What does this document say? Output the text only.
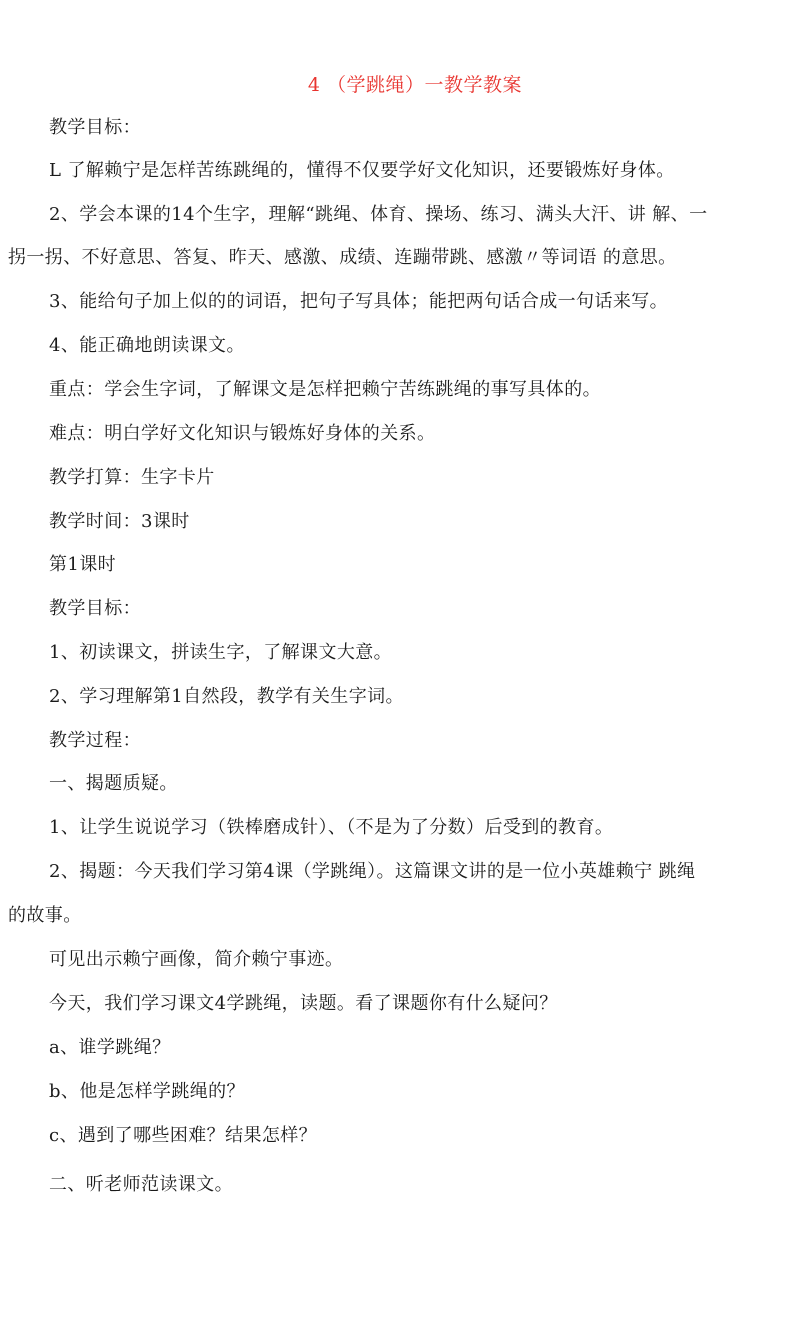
4 （学跳绳）一教学教案
教学目标：
L 了解赖宁是怎样苦练跳绳的，懂得不仅要学好文化知识，还要锻炼好身体。
2、学会本课的14个生字，理解“跳绳、体育、操场、练习、满头大汗、讲 解、一
拐一拐、不好意思、答复、昨天、感激、成绩、连蹦带跳、感激〃等词语 的意思。
3、能给句子加上似的的词语，把句子写具体；能把两句话合成一句话来写。
4、能正确地朗读课文。
重点：学会生字词，了解课文是怎样把赖宁苦练跳绳的事写具体的。
难点：明白学好文化知识与锻炼好身体的关系。
教学打算：生字卡片
教学时间：3课时
第1课时
教学目标：
1、初读课文，拼读生字，了解课文大意。
2、学习理解第1自然段，教学有关生字词。
教学过程：
一、揭题质疑。
1、让学生说说学习（铁棒磨成针）、（不是为了分数）后受到的教育。
2、揭题：今天我们学习第4课（学跳绳）。这篇课文讲的是一位小英雄赖宁 跳绳
的故事。
可见出示赖宁画像，简介赖宁事迹。
今天，我们学习课文4学跳绳，读题。看了课题你有什么疑问？
a、谁学跳绳？
b、他是怎样学跳绳的？
c、遇到了哪些困难？结果怎样？
二、听老师范读课文。
